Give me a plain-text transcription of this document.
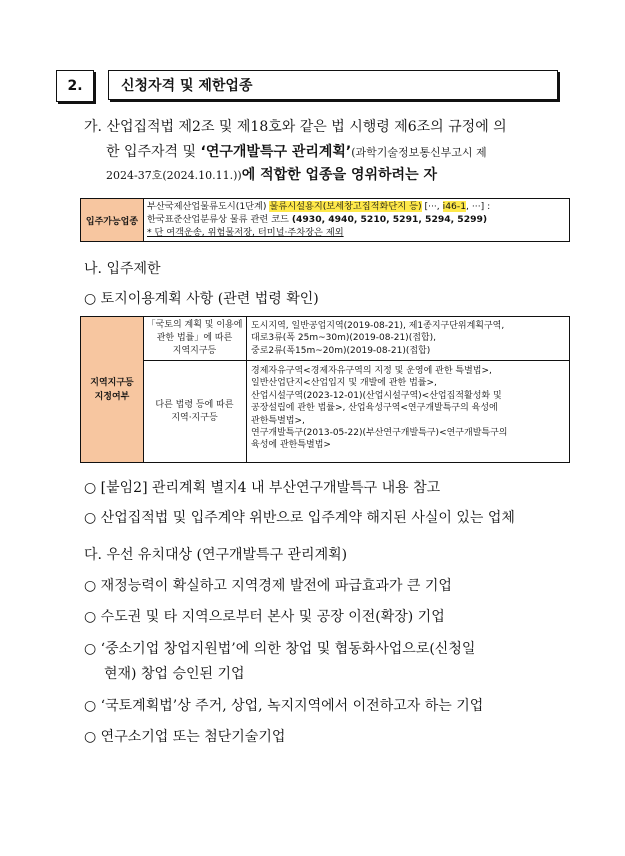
2.	신청자격 및 제한업종
가. 산업집적법 제2조 및 제18호와 같은 법 시행령 제6조의 규정에 의
한 입주자격 및 ‘연구개발특구 관리계획’(과학기술정보통신부고시 제
2024-37호(2024.10.11.))에 적합한 업종을 영위하려는 자
입주가능업종
부산국제산업물류도시(1단계) 물류시설용지(보세창고집적화단지 등) [···, i46-1, ···] :
한국표준산업분류상 물류 관련 코드 (4930, 4940, 5210, 5291, 5294, 5299)
* 단 여객운송, 위험물저장, 터미널·주차장은 제외
나. 입주제한
○ 토지이용계획 사항 (관련 법령 확인)
지역지구등
지정여부
「국토의 계획 및 이용에
관한 법률」에 따른
지역지구등
도시지역, 일반공업지역(2019-08-21), 제1종지구단위계획구역,
대로3류(폭 25m~30m)(2019-08-21)(접합),
중로2류(폭15m~20m)(2019-08-21)(접합)
다른 법령 등에 따른
지역·지구등
경제자유구역<경제자유구역의 지정 및 운영에 관한 특별법>,
일반산업단지<산업입지 및 개발에 관한 법률>,
산업시설구역(2023-12-01)(산업시설구역)<산업집적활성화 및
공장설립에 관한 법률>, 산업육성구역<연구개발특구의 육성에
관한특별법>,
연구개발특구(2013-05-22)(부산연구개발특구)<연구개발특구의
육성에 관한특별법>
○ [붙임2] 관리계획 별지4 내 부산연구개발특구 내용 참고
○ 산업집적법 및 입주계약 위반으로 입주계약 해지된 사실이 있는 업체
다. 우선 유치대상 (연구개발특구 관리계획)
○ 재정능력이 확실하고 지역경제 발전에 파급효과가 큰 기업
○ 수도권 및 타 지역으로부터 본사 및 공장 이전(확장) 기업
○ ‘중소기업 창업지원법’에 의한 창업 및 협동화사업으로(신청일
현재) 창업 승인된 기업
○ ‘국토계획법’상 주거, 상업, 녹지지역에서 이전하고자 하는 기업
○ 연구소기업 또는 첨단기술기업
